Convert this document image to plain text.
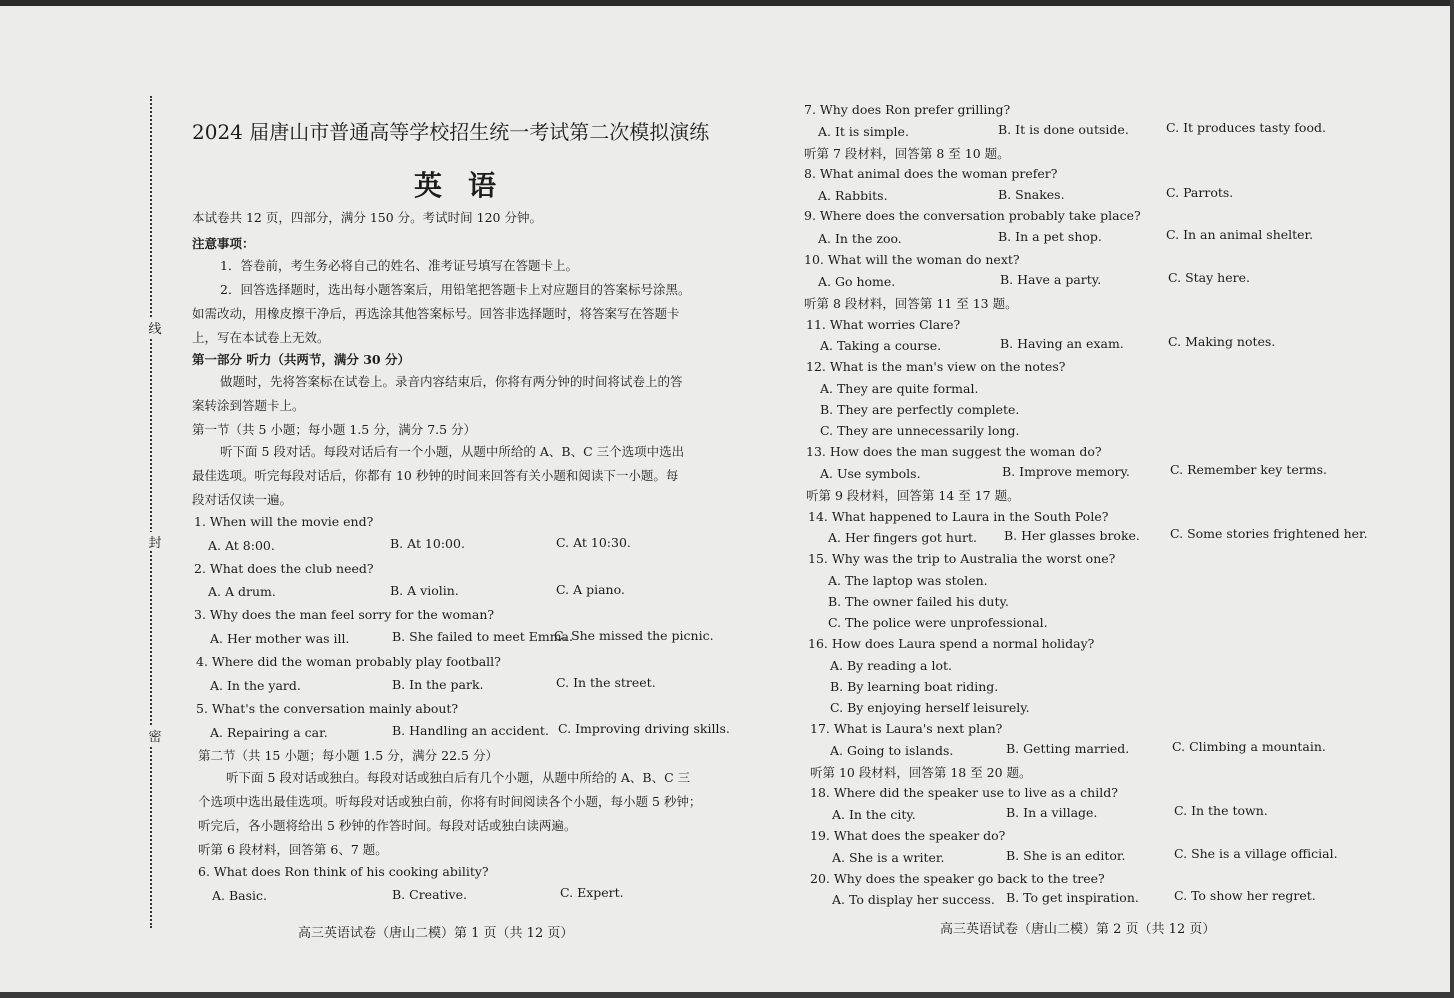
线
封
密
2024 届唐山市普通高等学校招生统一考试第二次模拟演练
英语
本试卷共 12 页，四部分，满分 150 分。考试时间 120 分钟。
注意事项：
1．答卷前，考生务必将自己的姓名、准考证号填写在答题卡上。
2．回答选择题时，选出每小题答案后，用铅笔把答题卡上对应题目的答案标号涂黑。
如需改动，用橡皮擦干净后，再选涂其他答案标号。回答非选择题时，将答案写在答题卡
上，写在本试卷上无效。
第一部分 听力（共两节，满分 30 分）
做题时，先将答案标在试卷上。录音内容结束后，你将有两分钟的时间将试卷上的答
案转涂到答题卡上。
第一节（共 5 小题；每小题 1.5 分，满分 7.5 分）
听下面 5 段对话。每段对话后有一个小题，从题中所给的 A、B、C 三个选项中选出
最佳选项。听完每段对话后，你都有 10 秒钟的时间来回答有关小题和阅读下一小题。每
段对话仅读一遍。
1. When will the movie end?
A. At 8:00.	B. At 10:00.	C. At 10:30.
2. What does the club need?
A. A drum.	B. A violin.	C. A piano.
3. Why does the man feel sorry for the woman?
A. Her mother was ill.	B. She failed to meet Emma.
C. She missed the picnic.
4. Where did the woman probably play football?
A. In the yard.	B. In the park.	C. In the street.
5. What's the conversation mainly about?
A. Repairing a car.	B. Handling an accident. C. Improving driving skills.
第二节（共 15 小题；每小题 1.5 分，满分 22.5 分）
听下面 5 段对话或独白。每段对话或独白后有几个小题，从题中所给的 A、B、C 三
个选项中选出最佳选项。听每段对话或独白前，你将有时间阅读各个小题，每小题 5 秒钟；
听完后，各小题将给出 5 秒钟的作答时间。每段对话或独白读两遍。
听第 6 段材料，回答第 6、7 题。
6. What does Ron think of his cooking ability?
A. Basic.	B. Creative.	C. Expert.
高三英语试卷（唐山二模）第 1 页（共 12 页）
7. Why does Ron prefer grilling?
A. It is simple.	B. It is done outside.	C. It produces tasty food.
听第 7 段材料，回答第 8 至 10 题。
8. What animal does the woman prefer?
A. Rabbits.	B. Snakes.	C. Parrots.
9. Where does the conversation probably take place?
A. In the zoo.	B. In a pet shop.	C. In an animal shelter.
10. What will the woman do next?
A. Go home.	B. Have a party.	C. Stay here.
听第 8 段材料，回答第 11 至 13 题。
11. What worries Clare?
A. Taking a course.	B. Having an exam.	C. Making notes.
12. What is the man's view on the notes?
A. They are quite formal.
B. They are perfectly complete.
C. They are unnecessarily long.
13. How does the man suggest the woman do?
A. Use symbols.	B. Improve memory.	C. Remember key terms.
听第 9 段材料，回答第 14 至 17 题。
14. What happened to Laura in the South Pole?
A. Her fingers got hurt. B. Her glasses broke. C. Some stories frightened her.
15. Why was the trip to Australia the worst one?
A. The laptop was stolen.
B. The owner failed his duty.
C. The police were unprofessional.
16. How does Laura spend a normal holiday?
A. By reading a lot.
B. By learning boat riding.
C. By enjoying herself leisurely.
17. What is Laura's next plan?
A. Going to islands.	B. Getting married.	C. Climbing a mountain.
听第 10 段材料，回答第 18 至 20 题。
18. Where did the speaker use to live as a child?
A. In the city.	B. In a village.	C. In the town.
19. What does the speaker do?
A. She is a writer.	B. She is an editor.	C. She is a village official.
20. Why does the speaker go back to the tree?
A. To display her success. B. To get inspiration.	C. To show her regret.
高三英语试卷（唐山二模）第 2 页（共 12 页）
